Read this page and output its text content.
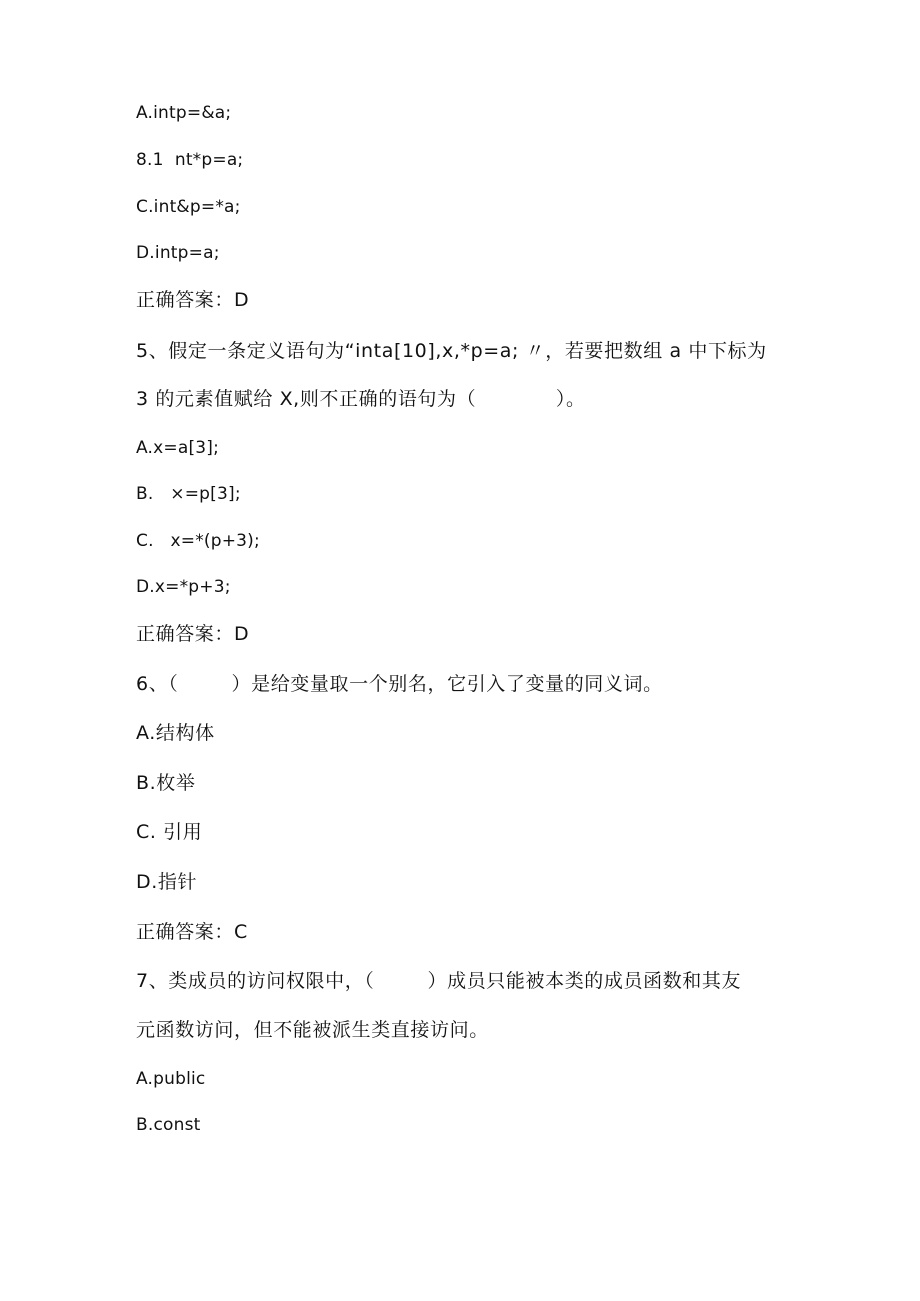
A.intp=&a;
8.1  nt*p=a;
C.int&p=*a;
D.intp=a;
正确答案：D
5、假定一条定义语句为“inta[10],x,*p=a; 〃，若要把数组 a 中下标为
3 的元素值赋给 X,则不正确的语句为（            ）。
A.x=a[3];
B.   ×=p[3];
C.   x=*(p+3);
D.x=*p+3;
正确答案：D
6、（        ）是给变量取一个别名，它引入了变量的同义词。
A.结构体
B.枚举
C. 引用
D.指针
正确答案：C
7、类成员的访问权限中，（        ）成员只能被本类的成员函数和其友
元函数访问，但不能被派生类直接访问。
A.public
B.const
